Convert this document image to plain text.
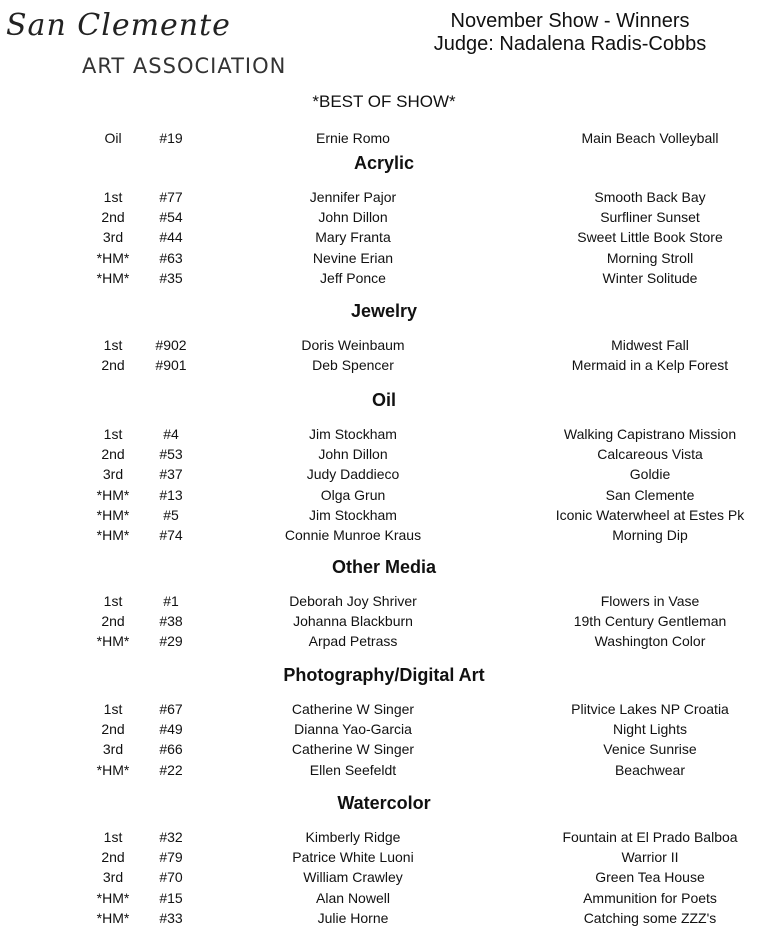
San Clemente
ART ASSOCIATION
November Show - Winners
Judge: Nadalena Radis-Cobbs
*BEST OF SHOW*
Oil	#19	Ernie Romo	Main Beach Volleyball
Acrylic
1st	#77	Jennifer Pajor	Smooth Back Bay
2nd	#54	John Dillon	Surfliner Sunset
3rd	#44	Mary Franta	Sweet Little Book Store
*HM*	#63	Nevine Erian	Morning Stroll
*HM*	#35	Jeff Ponce	Winter Solitude
Jewelry
1st	#902	Doris Weinbaum	Midwest Fall
2nd	#901	Deb Spencer	Mermaid in a Kelp Forest
Oil
1st	#4	Jim Stockham	Walking Capistrano Mission
2nd	#53	John Dillon	Calcareous Vista
3rd	#37	Judy Daddieco	Goldie
*HM*	#13	Olga Grun	San Clemente
*HM*	#5	Jim Stockham	Iconic Waterwheel at Estes Pk
*HM*	#74	Connie Munroe Kraus	Morning Dip
Other Media
1st	#1	Deborah Joy Shriver	Flowers in Vase
2nd	#38	Johanna Blackburn	19th Century Gentleman
*HM*	#29	Arpad Petrass	Washington Color
Photography/Digital Art
1st	#67	Catherine W Singer	Plitvice Lakes NP Croatia
2nd	#49	Dianna Yao-Garcia	Night Lights
3rd	#66	Catherine W Singer	Venice Sunrise
*HM*	#22	Ellen Seefeldt	Beachwear
Watercolor
1st	#32	Kimberly Ridge	Fountain at El Prado Balboa
2nd	#79	Patrice White Luoni	Warrior II
3rd	#70	William Crawley	Green Tea House
*HM*	#15	Alan Nowell	Ammunition for Poets
*HM*	#33	Julie Horne	Catching some ZZZ's
